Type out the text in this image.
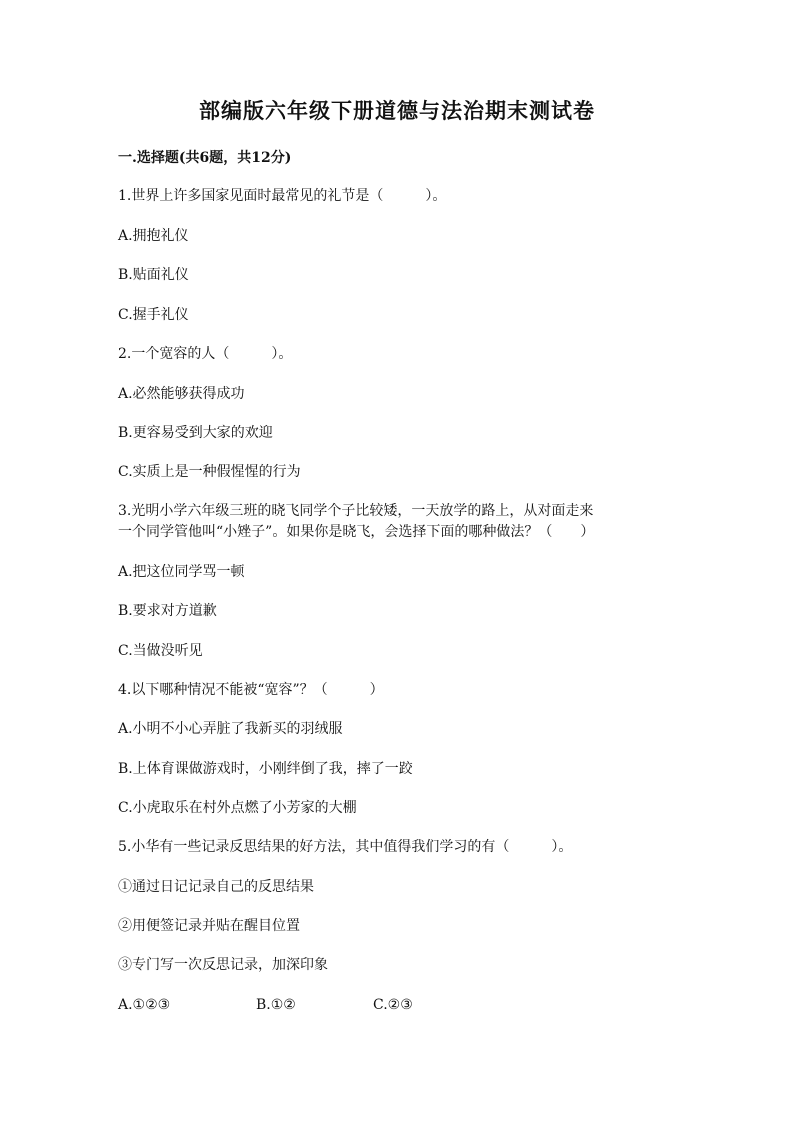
部编版六年级下册道德与法治期末测试卷
一.选择题(共6题，共12分)
1.世界上许多国家见面时最常见的礼节是（　　　）。
A.拥抱礼仪
B.贴面礼仪
C.握手礼仪
2.一个宽容的人（　　　）。
A.必然能够获得成功
B.更容易受到大家的欢迎
C.实质上是一种假惺惺的行为
3.光明小学六年级三班的晓飞同学个子比较矮，一天放学的路上，从对面走来
一个同学管他叫“小矬子”。如果你是晓飞，会选择下面的哪种做法？（　　）
A.把这位同学骂一顿
B.要求对方道歉
C.当做没听见
4.以下哪种情况不能被“宽容”？（　　　）
A.小明不小心弄脏了我新买的羽绒服
B.上体育课做游戏时，小刚绊倒了我，摔了一跤
C.小虎取乐在村外点燃了小芳家的大棚
5.小华有一些记录反思结果的好方法，其中值得我们学习的有（　　　）。
①通过日记记录自己的反思结果
②用便签记录并贴在醒目位置
③专门写一次反思记录，加深印象
A.①②③	B.①②	C.②③
